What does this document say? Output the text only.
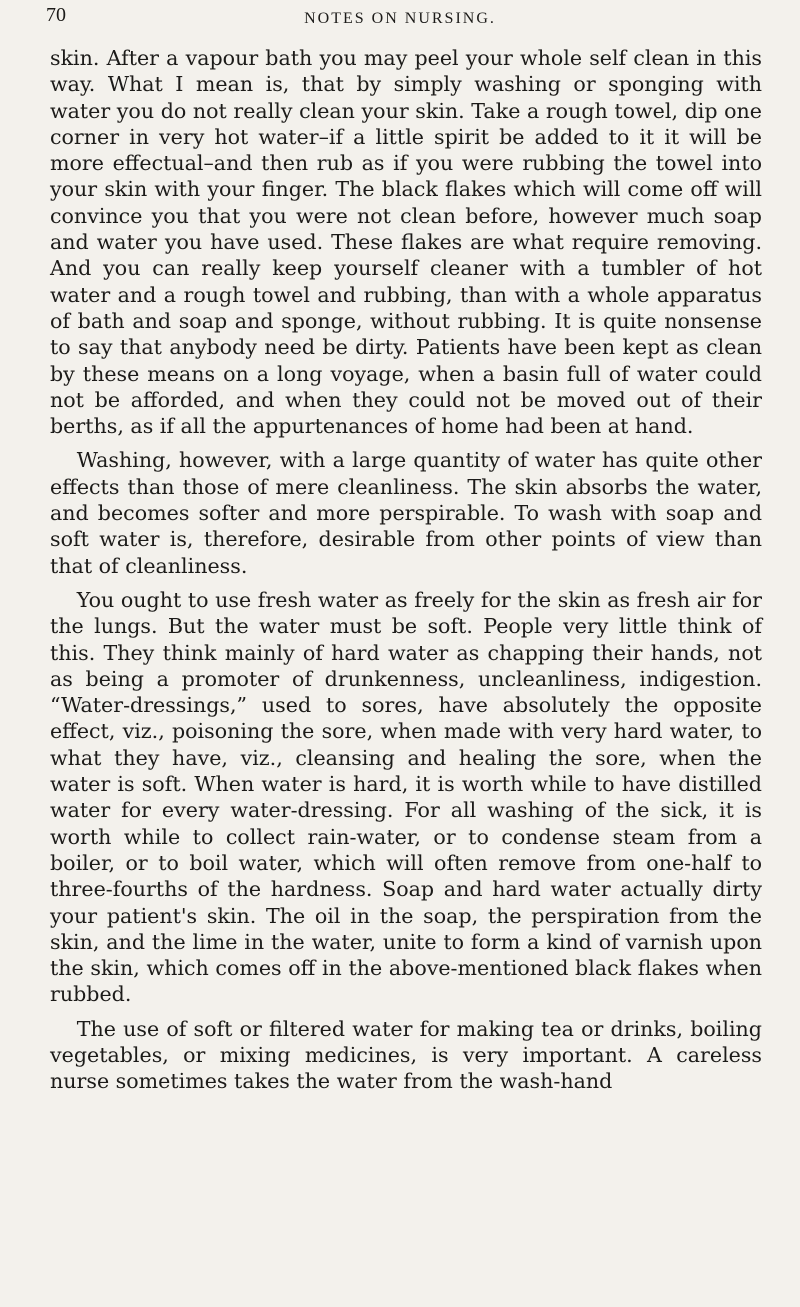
70	NOTES ON NURSING.

skin. After a vapour bath you may peel your whole self clean in this way. What I mean is, that by simply washing or sponging with water you do not really clean your skin. Take a rough towel, dip one corner in very hot water–if a little spirit be added to it it will be more effectual–and then rub as if you were rubbing the towel into your skin with your finger. The black flakes which will come off will convince you that you were not clean before, however much soap and water you have used. These flakes are what require removing. And you can really keep yourself cleaner with a tumbler of hot water and a rough towel and rubbing, than with a whole apparatus of bath and soap and sponge, without rubbing. It is quite nonsense to say that anybody need be dirty. Patients have been kept as clean by these means on a long voyage, when a basin full of water could not be afforded, and when they could not be moved out of their berths, as if all the appurtenances of home had been at hand.

Washing, however, with a large quantity of water has quite other effects than those of mere cleanliness. The skin absorbs the water, and becomes softer and more perspirable. To wash with soap and soft water is, therefore, desirable from other points of view than that of cleanliness.

You ought to use fresh water as freely for the skin as fresh air for the lungs. But the water must be soft. People very little think of this. They think mainly of hard water as chapping their hands, not as being a promoter of drunkenness, uncleanliness, indigestion. “Water-dressings,” used to sores, have absolutely the opposite effect, viz., poisoning the sore, when made with very hard water, to what they have, viz., cleansing and healing the sore, when the water is soft. When water is hard, it is worth while to have distilled water for every water-dressing. For all washing of the sick, it is worth while to collect rain-water, or to condense steam from a boiler, or to boil water, which will often remove from one-half to three-fourths of the hardness. Soap and hard water actually dirty your patient's skin. The oil in the soap, the perspiration from the skin, and the lime in the water, unite to form a kind of varnish upon the skin, which comes off in the above-mentioned black flakes when rubbed.

The use of soft or filtered water for making tea or drinks, boiling vegetables, or mixing medicines, is very important. A careless nurse sometimes takes the water from the wash-hand
